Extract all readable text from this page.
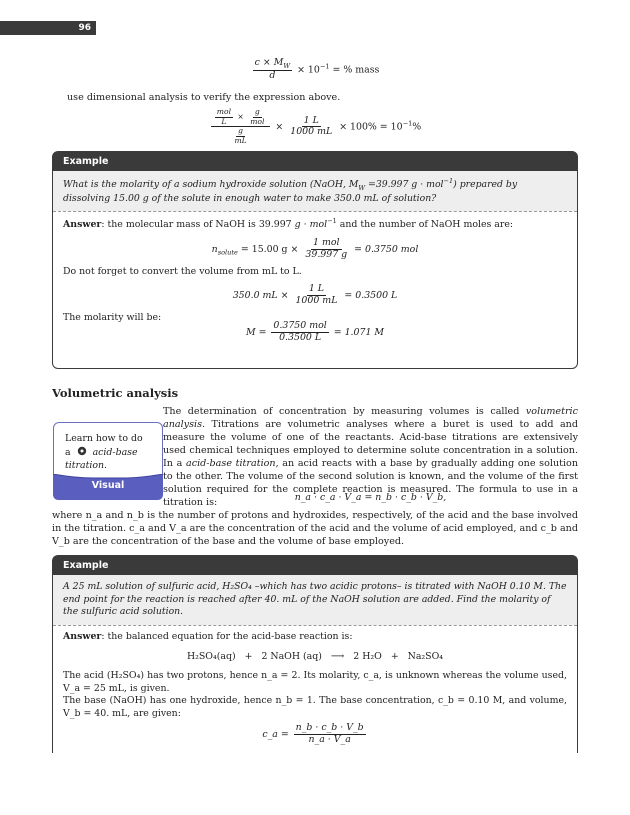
96
$\frac{c \times M_W}{d} \times 10^{-1}$ = % mass
use dimensional analysis to verify the expression above.
$\frac{\frac{\text{mol}}{L} \times \frac{g}{\text{mol}}}{\frac{g}{mL}} \times \frac{1 L}{1000 mL} \times 100\% = 10^{-1}\%$
Example
What is the molarity of a sodium hydroxide solution (NaOH, $M_W =39.997$ g · mol$^{-1}$) prepared by dissolving 15.00 g of the solute in enough water to make 350.0 mL of solution?

Answer: the molecular mass of NaOH is 39.997 g · mol$^{-1}$ and the number of NaOH moles are:

$n_{solute} = 15.00$ $g \times \frac{\text{1 mol}}{39.997 g} = 0.3750$ mol

Do not forget to convert the volume from mL to L.

350.0 mL × $\frac{1 L}{1000 mL} = 0.3500$ L

The molarity will be:

$M = \frac{\text{0.3750 mol}}{0.3500 L} = 1.071$ M
Volumetric analysis
Learn how to do
a acid-base
titration.
Visual
The determination of concentration by measuring volumes is called volumetric analysis. Titrations are volumetric analyses where a buret is used to add and measure the volume of one of the reactants. Acid-base titrations are extensively used chemical techniques employed to determine solute concentration in a solution. In a acid-base titration, an acid reacts with a base by gradually adding one solution to the other. The volume of the second solution is known, and the volume of the first solution required for the complete reaction is measured. The formula to use in a titration is:	n_a · c_a · V_a = n_b · c_b · V_b,
where n_a and n_b is the number of protons and hydroxides, respectively, of the acid and the base involved in the titration. c_a and V_a are the concentration of the acid and the volume of acid employed, and c_b and V_b are the concentration of the base and the volume of base employed.
Example
A 25 mL solution of sulfuric acid, H₂SO₄ –which has two acidic protons– is titrated with NaOH 0.10 M. The end point for the reaction is reached after 40. mL of the NaOH solution are added. Find the molarity of the sulfuric acid solution.

Answer: the balanced equation for the acid-base reaction is:

H₂SO₄(aq) + 2 NaOH (aq) ⟶ 2 H₂O + Na₂SO₄

The acid (H₂SO₄) has two protons, hence n_a = 2. Its molarity, c_a, is unknown whereas the volume used, V_a = 25 mL, is given.

The base (NaOH) has one hydroxide, hence n_b = 1. The base concentration, c_b = 0.10 M, and volume, V_b = 40. mL, are given:

c_a = $\frac{n\_b \cdot c\_b \cdot V\_b}{n\_a \cdot V\_a}$
